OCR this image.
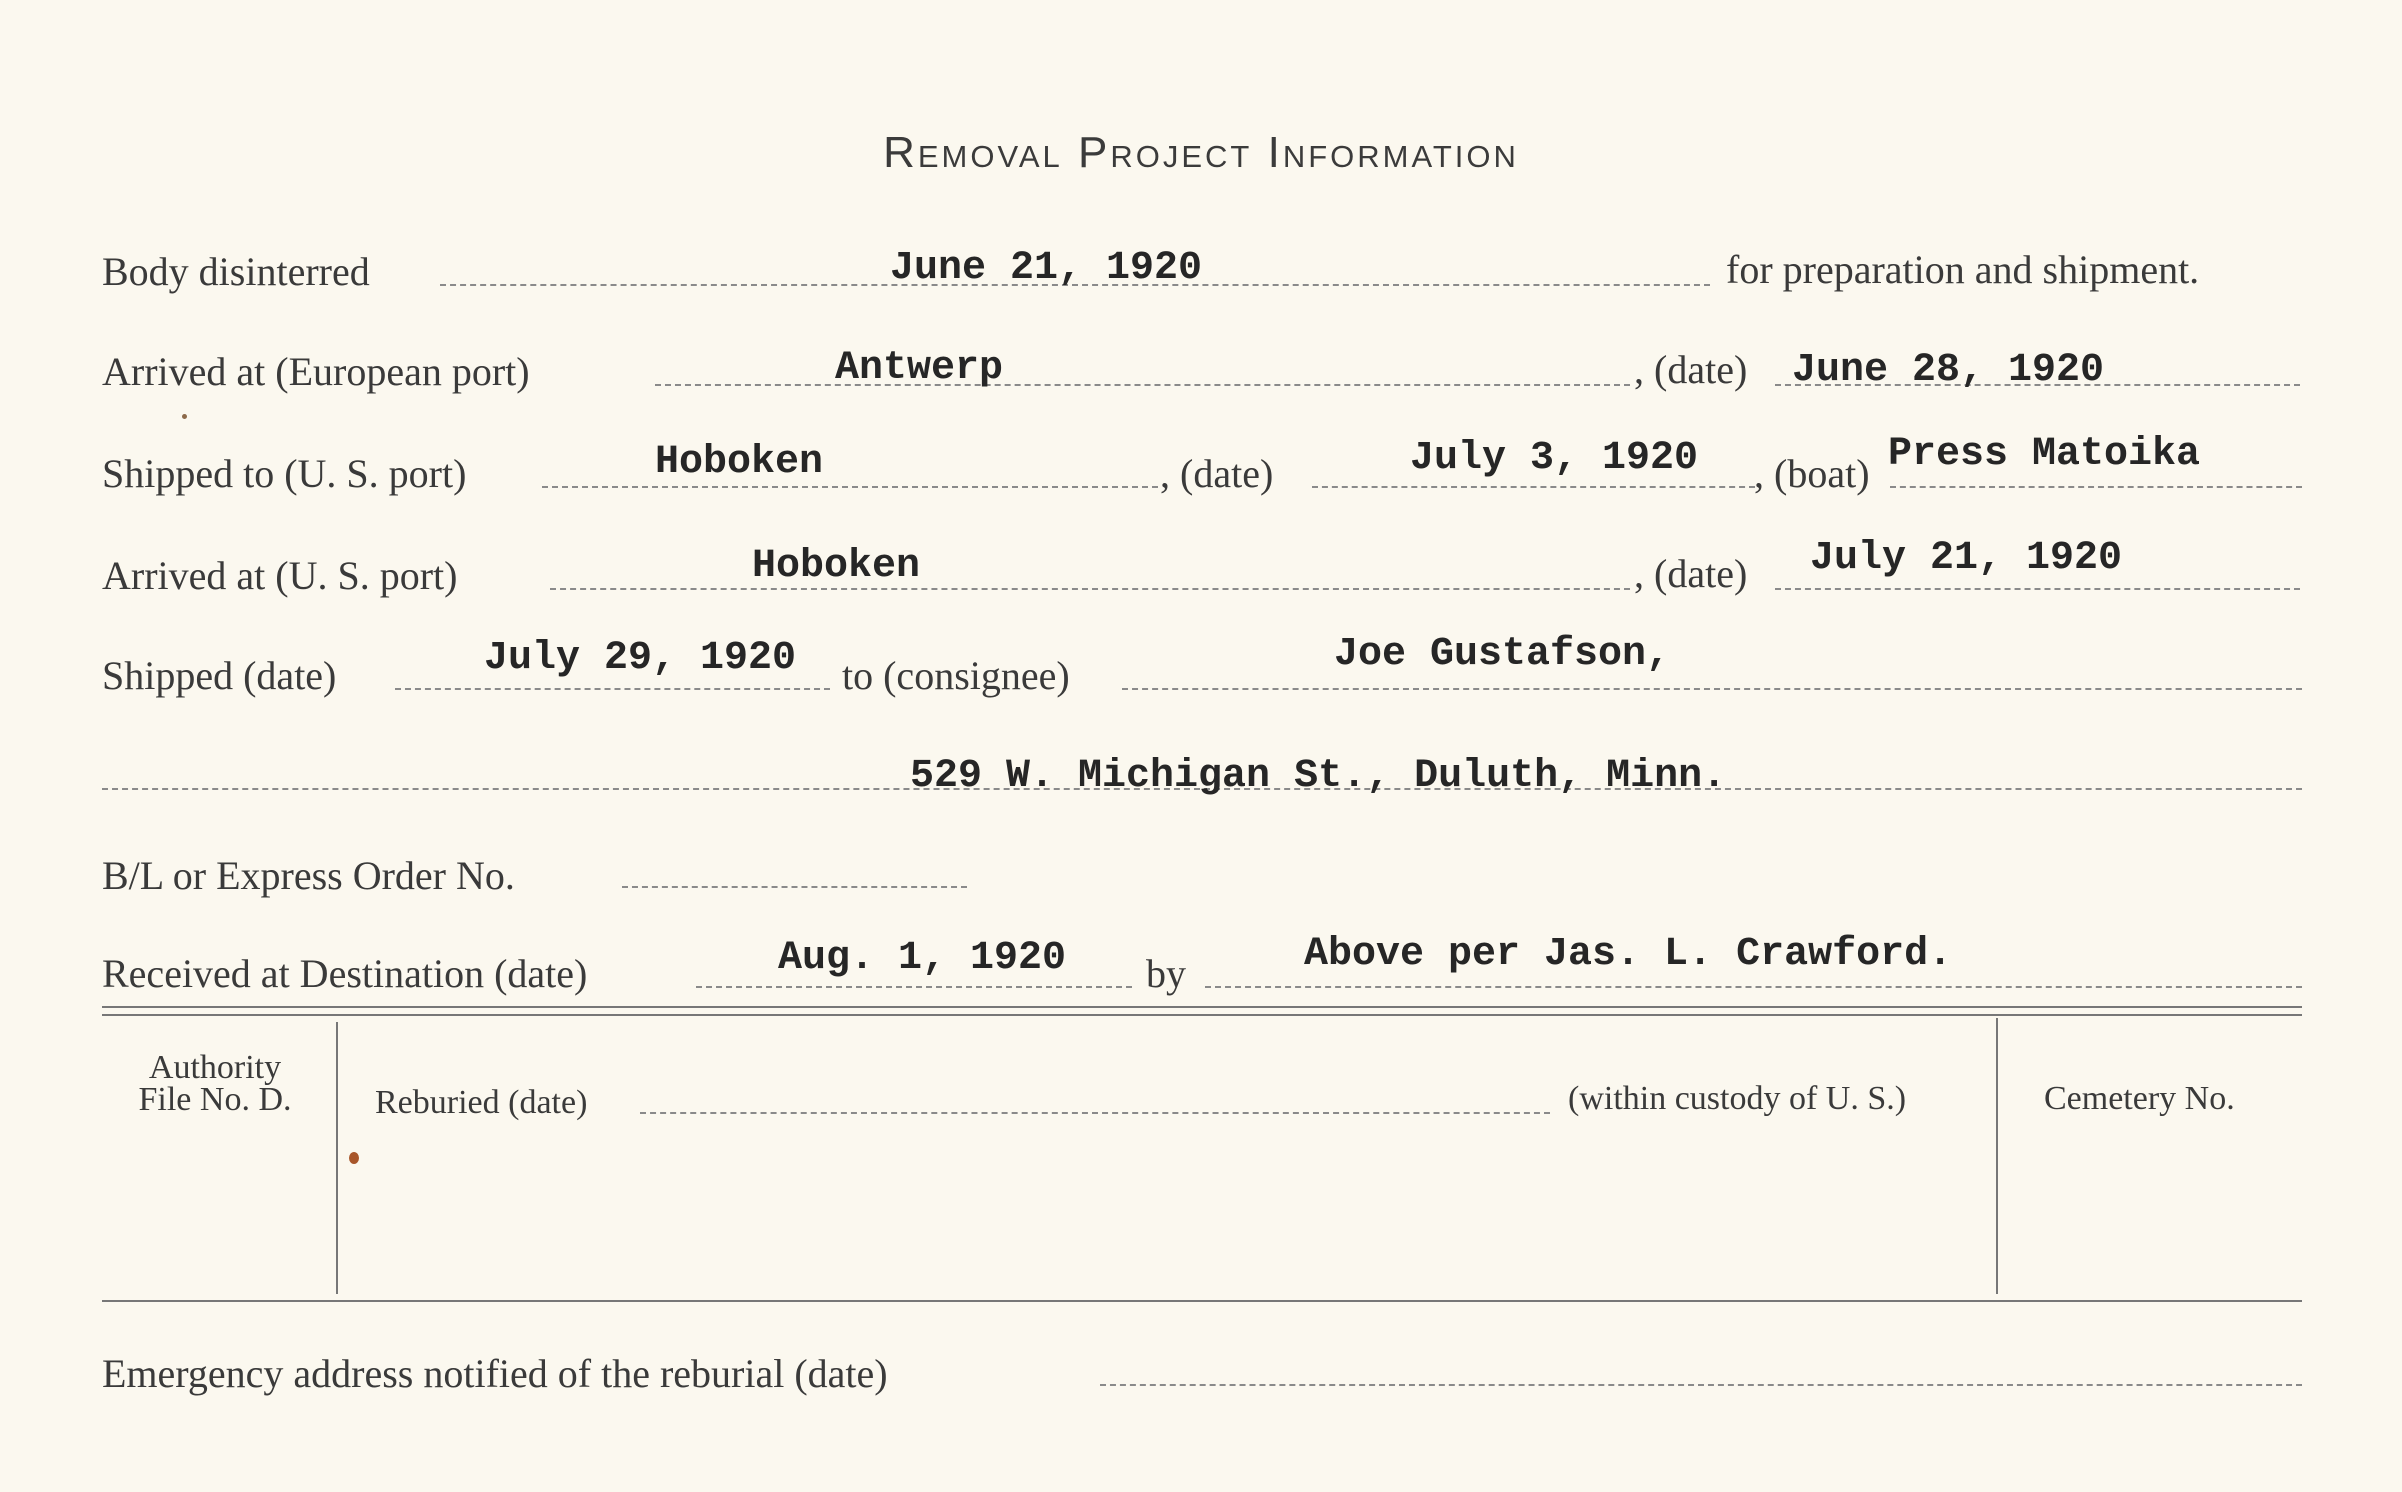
Removal Project Information
Body disinterred	June 21, 1920	for preparation and shipment.
Arrived at (European port)	Antwerp	, (date) June 28, 1920
Shipped to (U. S. port)	Hoboken	, (date)	July 3, 1920 , (boat) Press Matoika
Arrived at (U. S. port)	Hoboken	, (date) July 21, 1920
Shipped (date)	July 29, 1920 to (consignee)	Joe Gustafson,
529 W. Michigan St., Duluth, Minn.
B/L or Express Order No.
Received at Destination (date)	Aug. 1, 1920 by	Above per Jas. L. Crawford.
Authority
File No. D.	Reburied (date)	(within custody of U. S.)	Cemetery No.
Emergency address notified of the reburial (date)
